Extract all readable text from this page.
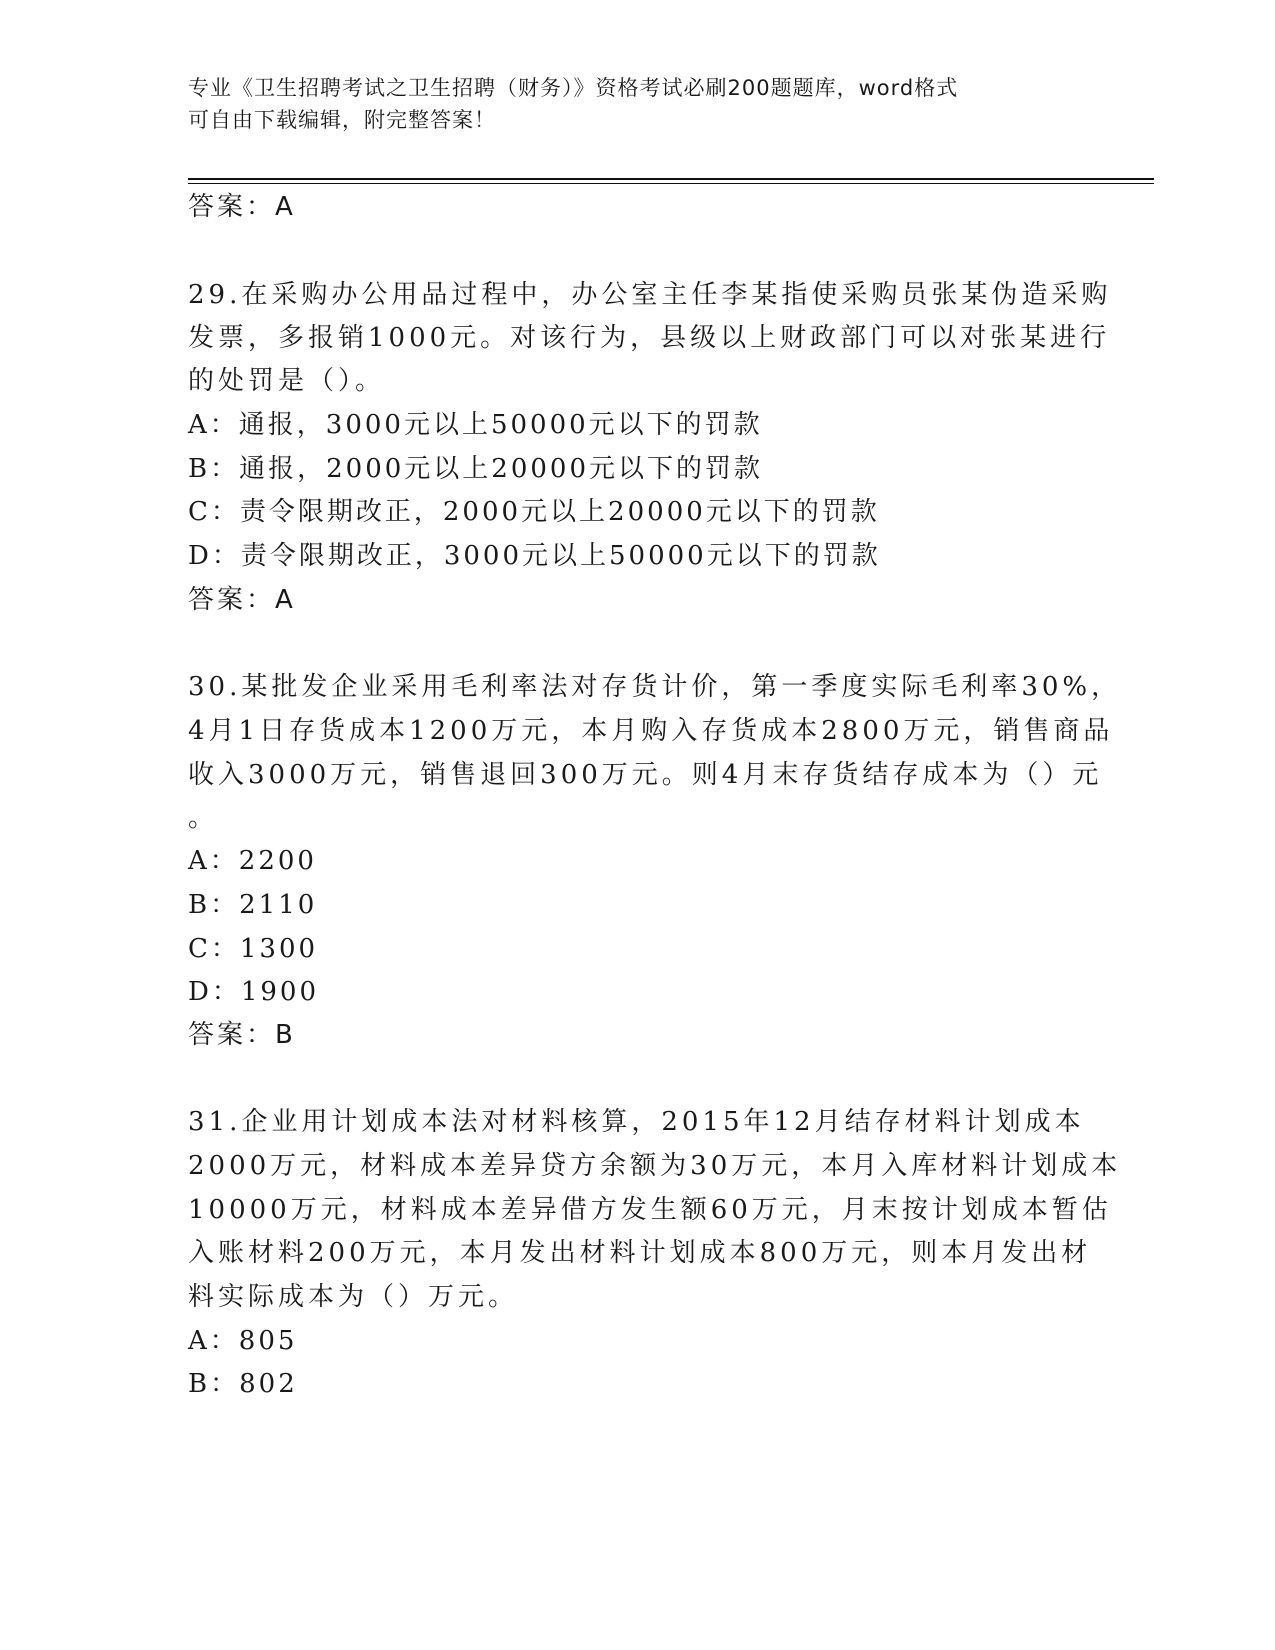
专业《卫生招聘考试之卫生招聘（财务）》资格考试必刷200题题库，word格式
可自由下载编辑，附完整答案！
答案：A
29.在采购办公用品过程中，办公室主任李某指使采购员张某伪造采购
发票，多报销1000元。对该行为，县级以上财政部门可以对张某进行
的处罚是（）。
A：通报，3000元以上50000元以下的罚款
B：通报，2000元以上20000元以下的罚款
C：责令限期改正，2000元以上20000元以下的罚款
D：责令限期改正，3000元以上50000元以下的罚款
答案：A
30.某批发企业采用毛利率法对存货计价，第一季度实际毛利率30%，
4月1日存货成本1200万元，本月购入存货成本2800万元，销售商品
收入3000万元，销售退回300万元。则4月末存货结存成本为（）元
。
A：2200
B：2110
C：1300
D：1900
答案：B
31.企业用计划成本法对材料核算，2015年12月结存材料计划成本
2000万元，材料成本差异贷方余额为30万元，本月入库材料计划成本
10000万元，材料成本差异借方发生额60万元，月末按计划成本暂估
入账材料200万元，本月发出材料计划成本800万元，则本月发出材
料实际成本为（）万元。
A：805
B：802
